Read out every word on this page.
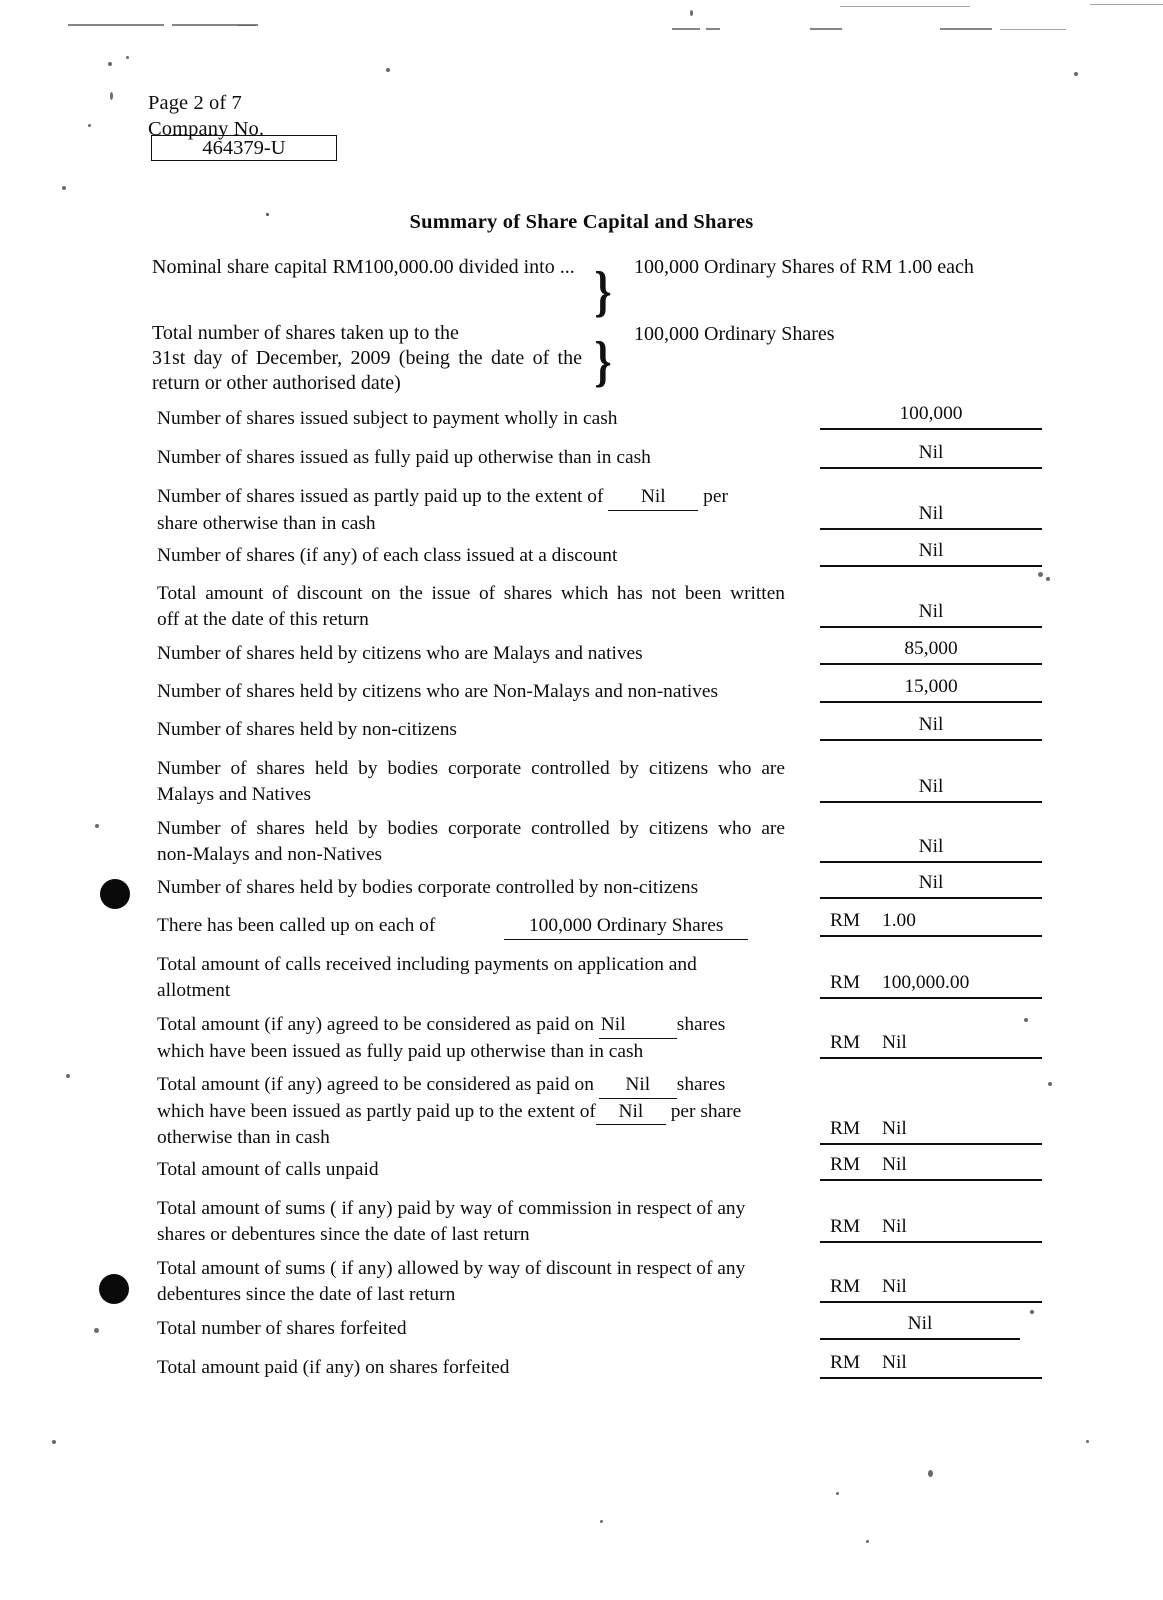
Page 2 of 7
Company No.
464379-U
Summary of Share Capital and Shares
Nominal share capital RM100,000.00 divided into ...	100,000 Ordinary Shares of RM 1.00 each
}
Total number of shares taken up to the
31st day of December, 2009 (being the date of the
return or other authorised date)
100,000 Ordinary Shares
}
Number of shares issued subject to payment wholly in cash	100,000
Number of shares issued as fully paid up otherwise than in cash	Nil
Number of shares issued as partly paid up to the extent of Nil per
share otherwise than in cash	Nil
Number of shares (if any) of each class issued at a discount	Nil
Total amount of discount on the issue of shares which has not been written
off at the date of this return	Nil
Number of shares held by citizens who are Malays and natives	85,000
Number of shares held by citizens who are Non-Malays and non-natives	15,000
Number of shares held by non-citizens	Nil
Number of shares held by bodies corporate controlled by citizens who are
Malays and Natives	Nil
Number of shares held by bodies corporate controlled by citizens who are
non-Malays and non-Natives	Nil
Number of shares held by bodies corporate controlled by non-citizens	Nil
There has been called up on each of	100,000 Ordinary Shares	RM 1.00
Total amount of calls received including payments on application and
allotment	RM 100,000.00
Total amount (if any) agreed to be considered as paid on Nil	shares
which have been issued as fully paid up otherwise than in cash	RM Nil
Total amount (if any) agreed to be considered as paid on Nil shares
which have been issued as partly paid up to the extent of Nil per share
otherwise than in cash	RM Nil
Total amount of calls unpaid	RM Nil
Total amount of sums ( if any) paid by way of commission in respect of any
shares or debentures since the date of last return	RM Nil
Total amount of sums ( if any) allowed by way of discount in respect of any
debentures since the date of last return	RM Nil
Total number of shares forfeited	Nil
Total amount paid (if any) on shares forfeited	RM Nil
